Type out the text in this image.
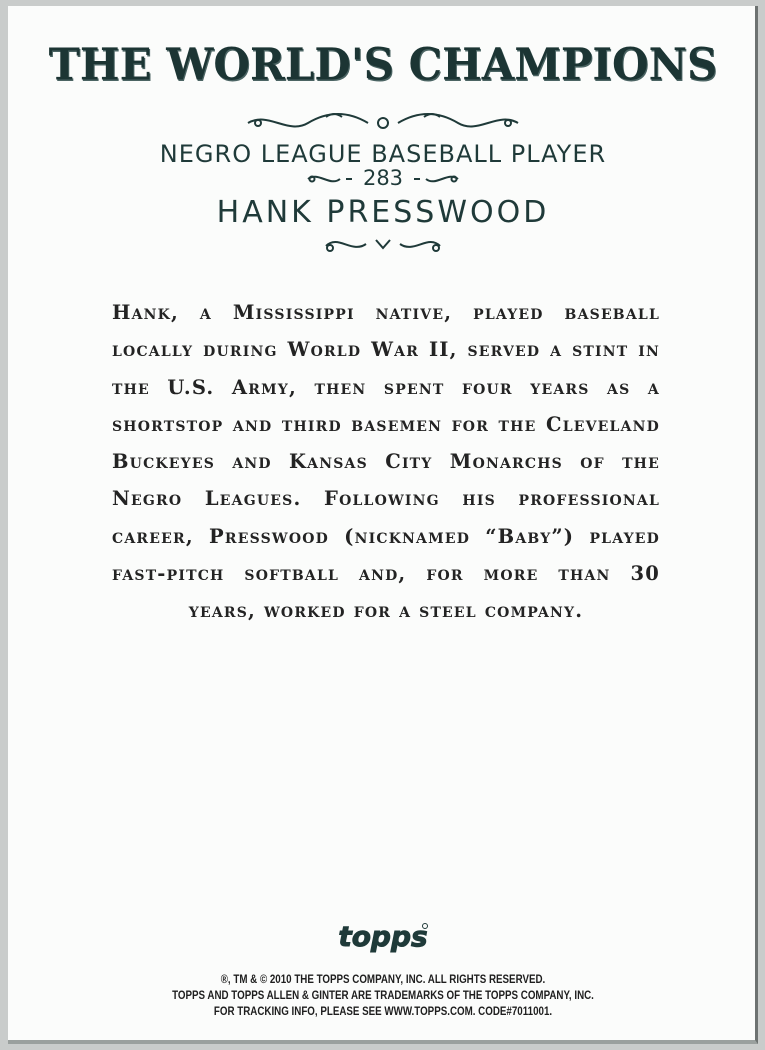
THE WORLD'S CHAMPIONS
NEGRO LEAGUE BASEBALL PLAYER
283
HANK PRESSWOOD
Hank, a Mississippi native, played baseball locally during World War II, served a stint in the U.S. Army, then spent four years as a shortstop and third basemen for the Cleveland Buckeyes and Kansas City Monarchs of the Negro Leagues. Following his professional career, Presswood (nicknamed “Baby”) played fast-pitch softball and, for more than 30 years, worked for a steel company.
topps
®, TM & © 2010 THE TOPPS COMPANY, INC. ALL RIGHTS RESERVED.
TOPPS AND TOPPS ALLEN & GINTER ARE TRADEMARKS OF THE TOPPS COMPANY, INC.
FOR TRACKING INFO, PLEASE SEE WWW.TOPPS.COM. CODE#7011001.
